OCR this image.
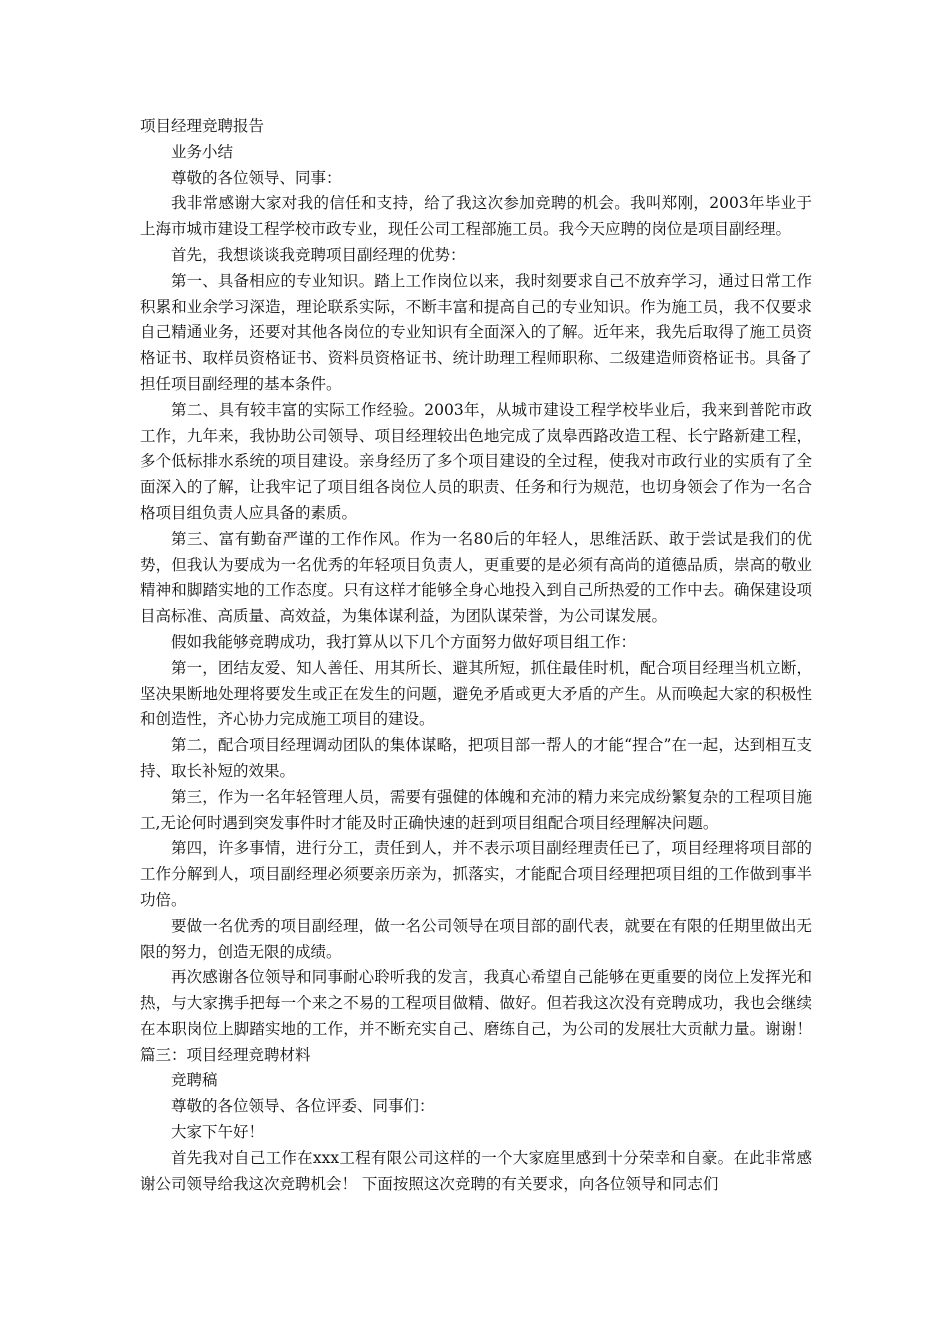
项目经理竞聘报告

业务小结

尊敬的各位领导、同事：

我非常感谢大家对我的信任和支持，给了我这次参加竞聘的机会。我叫郑刚，2003年毕业于上海市城市建设工程学校市政专业，现任公司工程部施工员。我今天应聘的岗位是项目副经理。

首先，我想谈谈我竞聘项目副经理的优势：

第一、具备相应的专业知识。踏上工作岗位以来，我时刻要求自己不放弃学习，通过日常工作积累和业余学习深造，理论联系实际，不断丰富和提高自己的专业知识。作为施工员，我不仅要求自己精通业务，还要对其他各岗位的专业知识有全面深入的了解。近年来，我先后取得了施工员资格证书、取样员资格证书、资料员资格证书、统计助理工程师职称、二级建造师资格证书。具备了担任项目副经理的基本条件。

第二、具有较丰富的实际工作经验。2003年，从城市建设工程学校毕业后，我来到普陀市政工作，九年来，我协助公司领导、项目经理较出色地完成了岚皋西路改造工程、长宁路新建工程，多个低标排水系统的项目建设。亲身经历了多个项目建设的全过程，使我对市政行业的实质有了全面深入的了解，让我牢记了项目组各岗位人员的职责、任务和行为规范，也切身领会了作为一名合格项目组负责人应具备的素质。

第三、富有勤奋严谨的工作作风。作为一名80后的年轻人，思维活跃、敢于尝试是我们的优势，但我认为要成为一名优秀的年轻项目负责人，更重要的是必须有高尚的道德品质，崇高的敬业精神和脚踏实地的工作态度。只有这样才能够全身心地投入到自己所热爱的工作中去。确保建设项目高标准、高质量、高效益，为集体谋利益，为团队谋荣誉，为公司谋发展。

假如我能够竞聘成功，我打算从以下几个方面努力做好项目组工作：

第一，团结友爱、知人善任、用其所长、避其所短，抓住最佳时机，配合项目经理当机立断，坚决果断地处理将要发生或正在发生的问题，避免矛盾或更大矛盾的产生。从而唤起大家的积极性和创造性，齐心协力完成施工项目的建设。

第二，配合项目经理调动团队的集体谋略，把项目部一帮人的才能“捏合”在一起，达到相互支持、取长补短的效果。

第三，作为一名年轻管理人员，需要有强健的体魄和充沛的精力来完成纷繁复杂的工程项目施工,无论何时遇到突发事件时才能及时正确快速的赶到项目组配合项目经理解决问题。

第四，许多事情，进行分工，责任到人，并不表示项目副经理责任已了，项目经理将项目部的工作分解到人，项目副经理必须要亲历亲为，抓落实，才能配合项目经理把项目组的工作做到事半功倍。

要做一名优秀的项目副经理，做一名公司领导在项目部的副代表，就要在有限的任期里做出无限的努力，创造无限的成绩。

再次感谢各位领导和同事耐心聆听我的发言，我真心希望自己能够在更重要的岗位上发挥光和热，与大家携手把每一个来之不易的工程项目做精、做好。但若我这次没有竞聘成功，我也会继续在本职岗位上脚踏实地的工作，并不断充实自己、磨练自己，为公司的发展壮大贡献力量。谢谢！篇三：项目经理竞聘材料

竞聘稿

尊敬的各位领导、各位评委、同事们：

大家下午好！

首先我对自己工作在xxx工程有限公司这样的一个大家庭里感到十分荣幸和自豪。在此非常感谢公司领导给我这次竞聘机会！ 下面按照这次竞聘的有关要求，向各位领导和同志们
